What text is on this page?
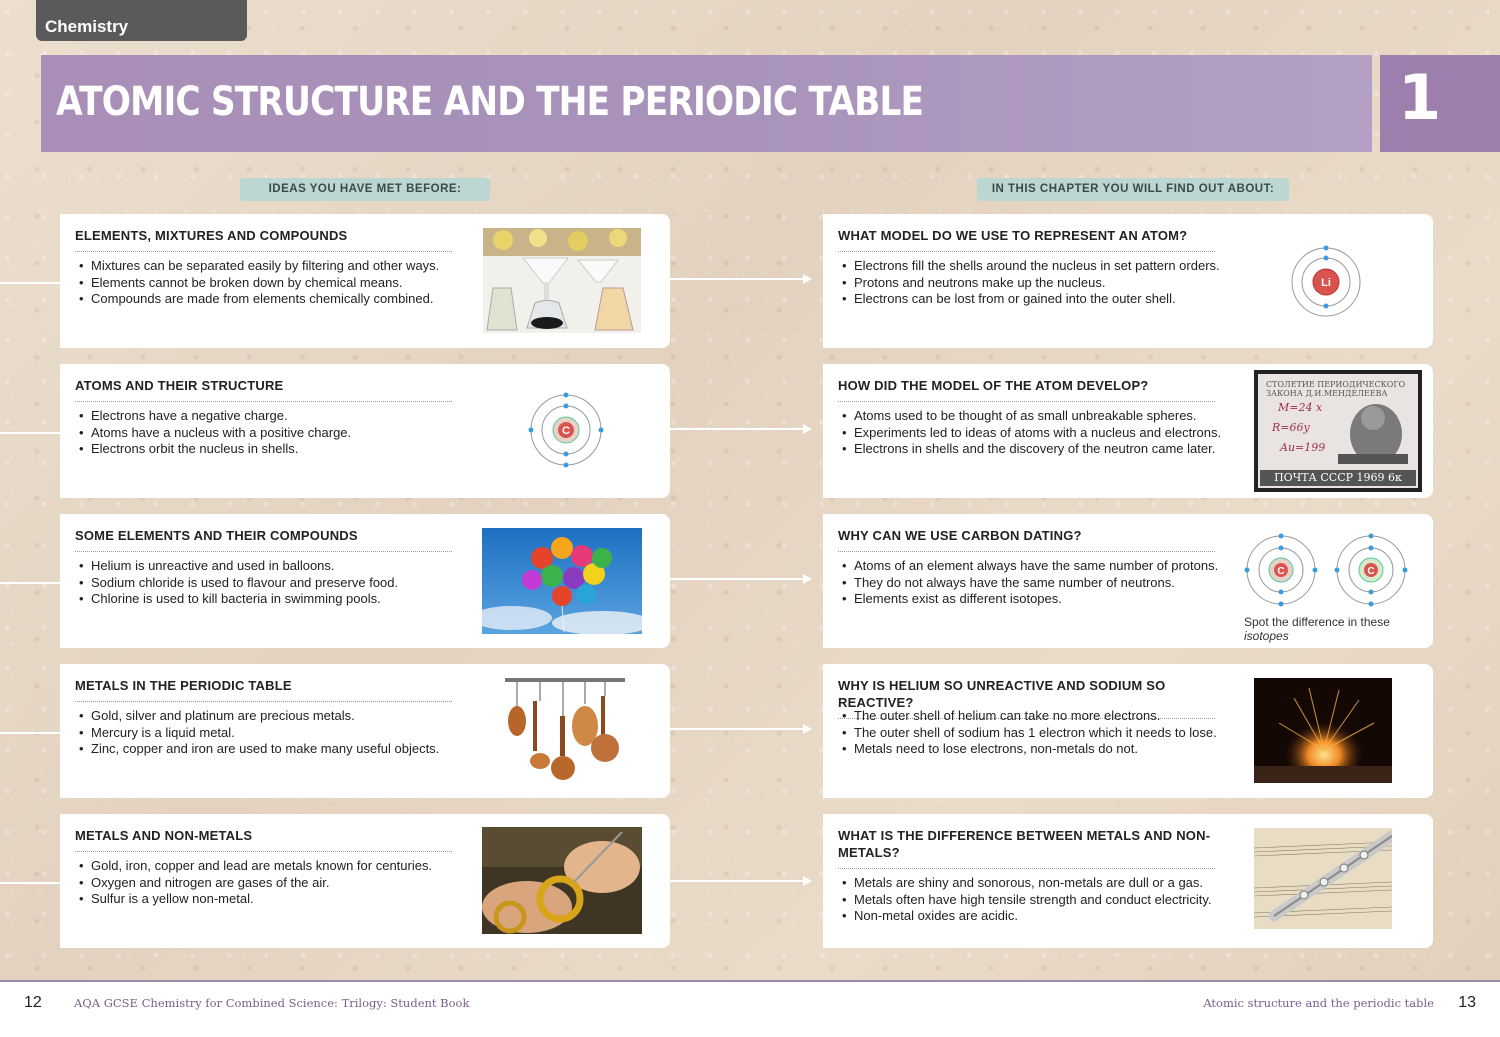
Chemistry
ATOMIC STRUCTURE AND THE PERIODIC TABLE	1
IDEAS YOU HAVE MET BEFORE:	IN THIS CHAPTER YOU WILL FIND OUT ABOUT:
ELEMENTS, MIXTURES AND COMPOUNDS
• Mixtures can be separated easily by filtering and other ways.
• Elements cannot be broken down by chemical means.
• Compounds are made from elements chemically combined.
ATOMS AND THEIR STRUCTURE
• Electrons have a negative charge.
• Atoms have a nucleus with a positive charge.
• Electrons orbit the nucleus in shells.
C
SOME ELEMENTS AND THEIR COMPOUNDS
• Helium is unreactive and used in balloons.
• Sodium chloride is used to flavour and preserve food.
• Chlorine is used to kill bacteria in swimming pools.
METALS IN THE PERIODIC TABLE
• Gold, silver and platinum are precious metals.
• Mercury is a liquid metal.
• Zinc, copper and iron are used to make many useful objects.
METALS AND NON-METALS
• Gold, iron, copper and lead are metals known for centuries.
• Oxygen and nitrogen are gases of the air.
• Sulfur is a yellow non-metal.
WHAT MODEL DO WE USE TO REPRESENT AN ATOM?
• Electrons fill the shells around the nucleus in set pattern orders.
• Protons and neutrons make up the nucleus.
• Electrons can be lost from or gained into the outer shell.
Li
HOW DID THE MODEL OF THE ATOM DEVELOP?
• Atoms used to be thought of as small unbreakable spheres.
• Experiments led to ideas of atoms with a nucleus and electrons.
• Electrons in shells and the discovery of the neutron came later.
СТОЛЕТИЕ ПЕРИОДИЧЕСКОГО ЗАКОНА Д.И.МЕНДЕЛЕЕВА
M=24 x
R=66y
Au=199
ПОЧТА СССР 1969 6к
WHY CAN WE USE CARBON DATING?
• Atoms of an element always have the same number of protons.
• They do not always have the same number of neutrons.
• Elements exist as different isotopes.
C	C
Spot the difference in these
isotopes
WHY IS HELIUM SO UNREACTIVE AND SODIUM SO REACTIVE?
• The outer shell of helium can take no more electrons.
• The outer shell of sodium has 1 electron which it needs to lose.
• Metals need to lose electrons, non-metals do not.
WHAT IS THE DIFFERENCE BETWEEN METALS AND NON-METALS?
• Metals are shiny and sonorous, non-metals are dull or a gas.
• Metals often have high tensile strength and conduct electricity.
• Non-metal oxides are acidic.
12	AQA GCSE Chemistry for Combined Science: Trilogy: Student Book	Atomic structure and the periodic table 13
